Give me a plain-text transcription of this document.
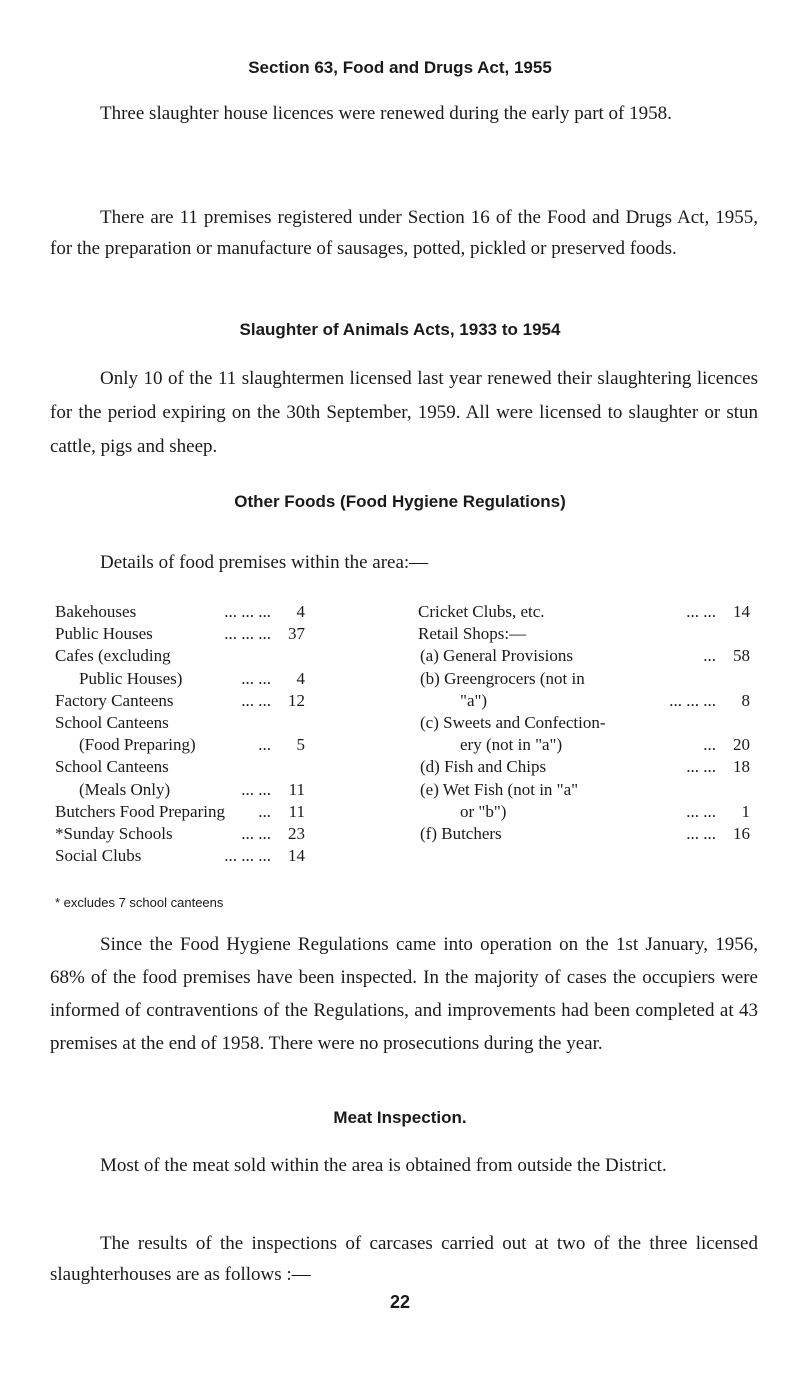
Section 63, Food and Drugs Act, 1955
Three slaughter house licences were renewed during the early part of 1958.
There are 11 premises registered under Section 16 of the Food and Drugs Act, 1955, for the preparation or manufacture of sausages, potted, pickled or preserved foods.
Slaughter of Animals Acts, 1933 to 1954
Only 10 of the 11 slaughtermen licensed last year renewed their slaughtering licences for the period expiring on the 30th September, 1959. All were licensed to slaughter or stun cattle, pigs and sheep.
Other Foods (Food Hygiene Regulations)
Details of food premises within the area:—
Bakehouses	... ... ...	4
Public Houses	... ... ...	37
Cafes (excluding
Public Houses)	... ...	4
Factory Canteens	... ...	12
School Canteens
(Food Preparing)	...	5
School Canteens
(Meals Only)	... ...	11
Butchers Food Preparing ...	11
*Sunday Schools	... ...	23
Social Clubs	... ... ...	14
Cricket Clubs, etc.	... ...	14
Retail Shops:—
(a) General Provisions	...	58
(b) Greengrocers (not in
"a")	... ... ...	8
(c) Sweets and Confection-
ery (not in "a")	...	20
(d) Fish and Chips	... ...	18
(e) Wet Fish (not in "a"
or "b")	... ...	1
(f) Butchers	... ...	16
* excludes 7 school canteens
Since the Food Hygiene Regulations came into operation on the 1st January, 1956, 68% of the food premises have been inspected. In the majority of cases the occupiers were informed of contraventions of the Regulations, and improvements had been completed at 43 premises at the end of 1958. There were no prosecutions during the year.
Meat Inspection.
Most of the meat sold within the area is obtained from outside the District.
The results of the inspections of carcases carried out at two of the three licensed slaughterhouses are as follows :—
22
